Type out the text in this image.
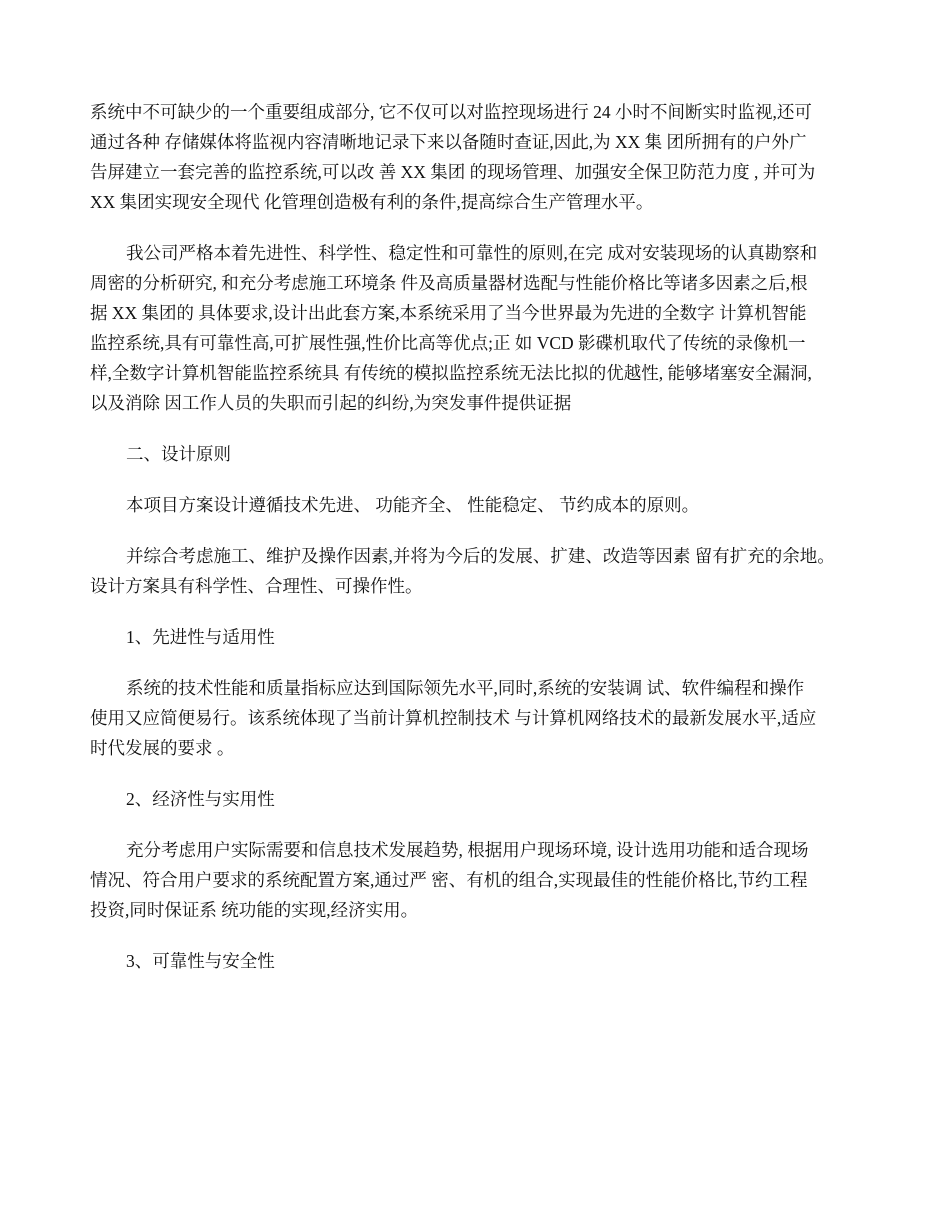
系统中不可缺少的一个重要组成部分, 它不仅可以对监控现场进行 24 小时不间断实时监视,还可
通过各种 存储媒体将监视内容清晰地记录下来以备随时查证,因此,为 XX 集 团所拥有的户外广
告屏建立一套完善的监控系统,可以改 善 XX 集团 的现场管理、加强安全保卫防范力度 , 并可为
XX 集团实现安全现代 化管理创造极有利的条件,提高综合生产管理水平。
我公司严格本着先进性、科学性、稳定性和可靠性的原则,在完 成对安装现场的认真勘察和
周密的分析研究, 和充分考虑施工环境条 件及高质量器材选配与性能价格比等诸多因素之后,根
据 XX 集团的 具体要求,设计出此套方案,本系统采用了当今世界最为先进的全数字 计算机智能
监控系统,具有可靠性高,可扩展性强,性价比高等优点;正 如 VCD 影碟机取代了传统的录像机一
样,全数字计算机智能监控系统具 有传统的模拟监控系统无法比拟的优越性, 能够堵塞安全漏洞,
以及消除 因工作人员的失职而引起的纠纷,为突发事件提供证据
二、设计原则
本项目方案设计遵循技术先进、 功能齐全、 性能稳定、 节约成本的原则。
并综合考虑施工、维护及操作因素,并将为今后的发展、扩建、改造等因素 留有扩充的余地。
设计方案具有科学性、合理性、可操作性。
1、先进性与适用性
系统的技术性能和质量指标应达到国际领先水平,同时,系统的安装调 试、软件编程和操作
使用又应简便易行。该系统体现了当前计算机控制技术 与计算机网络技术的最新发展水平,适应
时代发展的要求 。
2、经济性与实用性
充分考虑用户实际需要和信息技术发展趋势, 根据用户现场环境, 设计选用功能和适合现场
情况、符合用户要求的系统配置方案,通过严 密、有机的组合,实现最佳的性能价格比,节约工程
投资,同时保证系 统功能的实现,经济实用。
3、可靠性与安全性
